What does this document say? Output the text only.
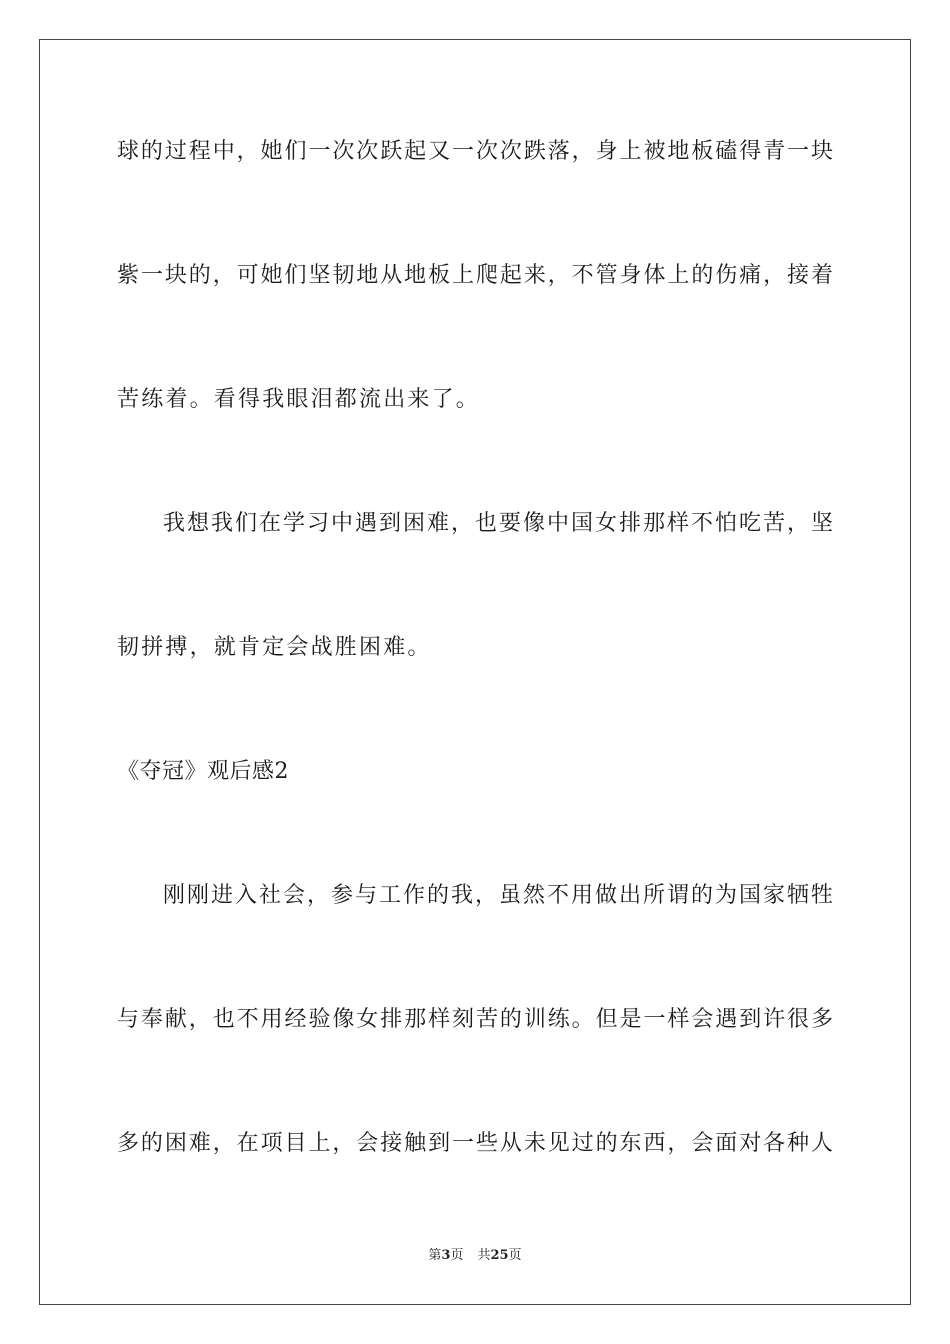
球的过程中，她们一次次跃起又一次次跌落，身上被地板磕得青一块
紫一块的，可她们坚韧地从地板上爬起来，不管身体上的伤痛，接着
苦练着。看得我眼泪都流出来了。
我想我们在学习中遇到困难，也要像中国女排那样不怕吃苦，坚
韧拼搏，就肯定会战胜困难。
《夺冠》观后感2
刚刚进入社会，参与工作的我，虽然不用做出所谓的为国家牺牲
与奉献，也不用经验像女排那样刻苦的训练。但是一样会遇到许很多
多的困难，在项目上，会接触到一些从未见过的东西，会面对各种人
第3页 共25页
